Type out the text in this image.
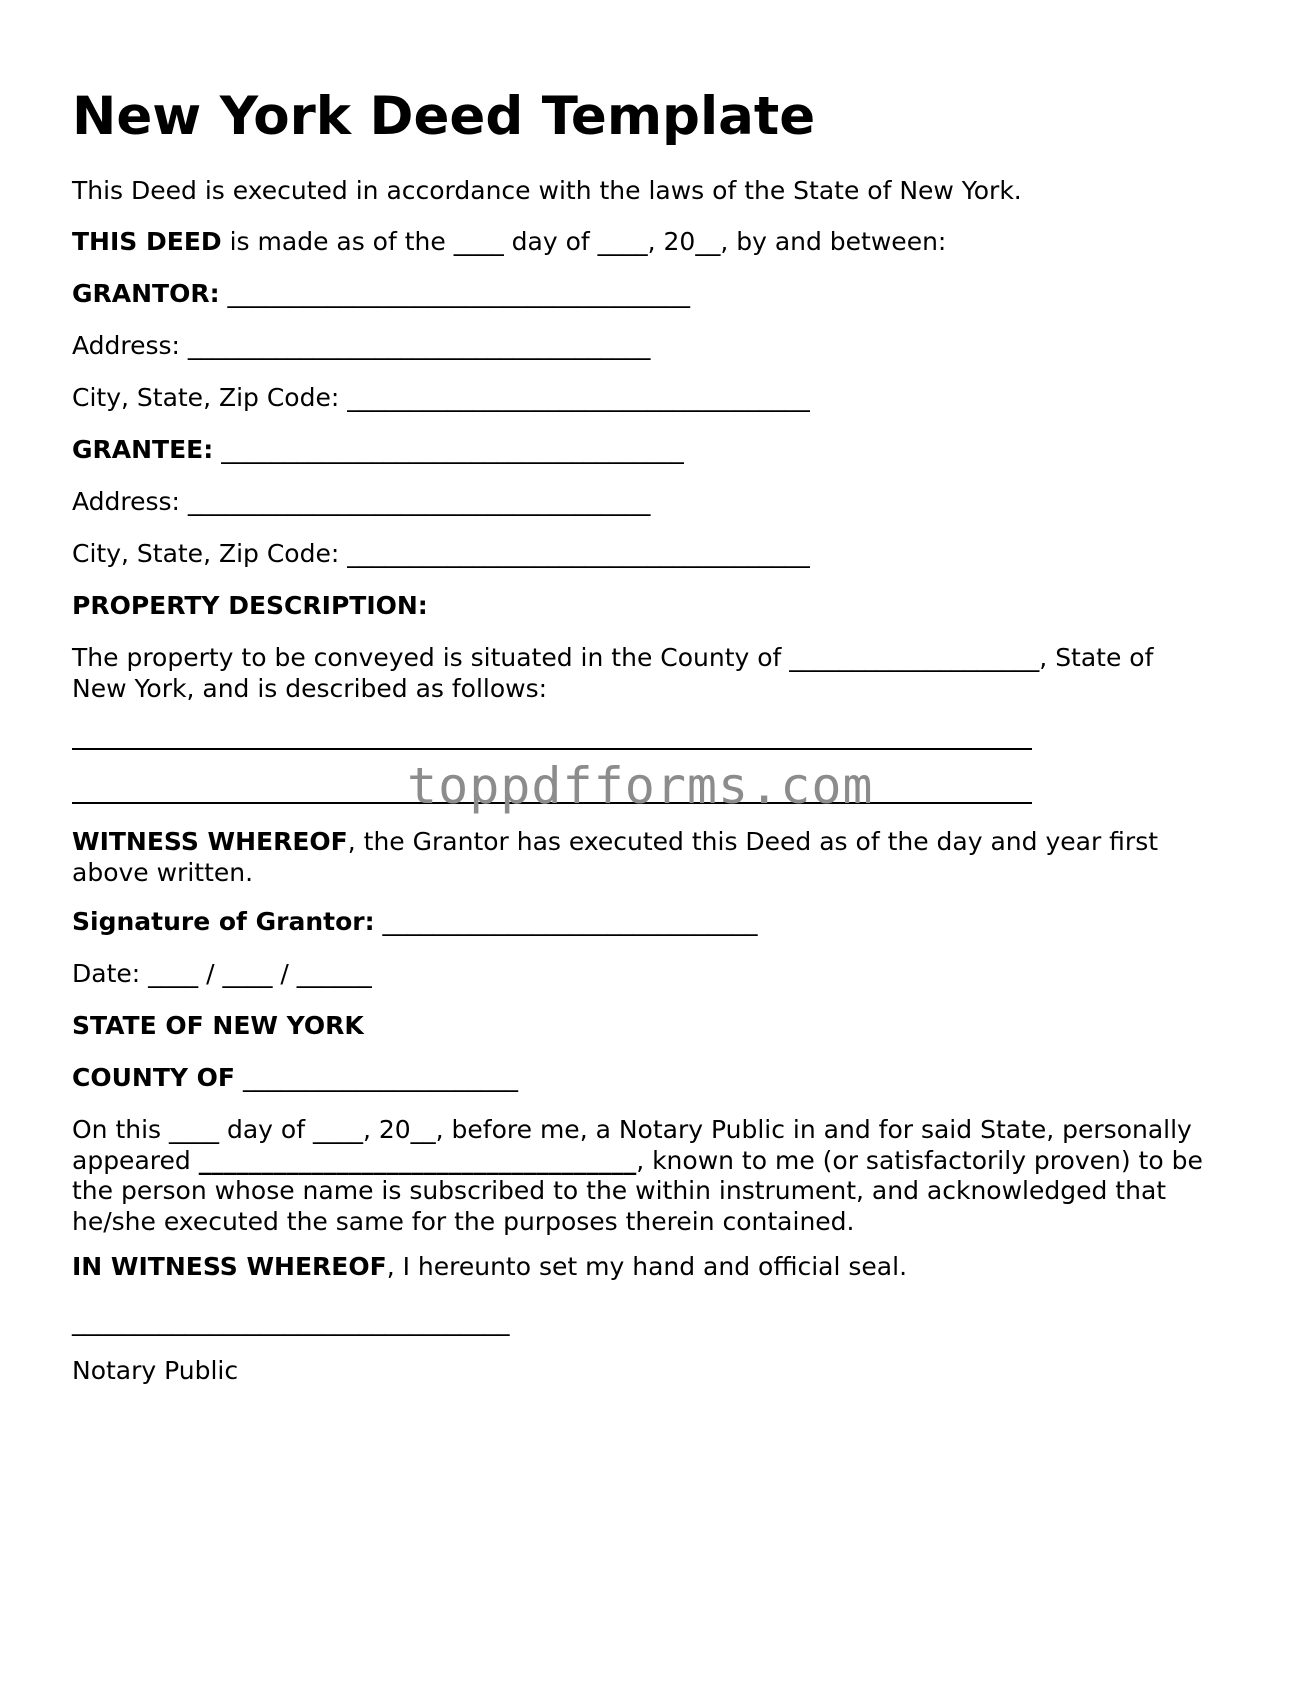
New York Deed Template
This Deed is executed in accordance with the laws of the State of New York.
THIS DEED is made as of the ____ day of ____, 20__, by and between:
GRANTOR: _____________________________________
Address: _____________________________________
City, State, Zip Code: _____________________________________
GRANTEE: _____________________________________
Address: _____________________________________
City, State, Zip Code: _____________________________________
PROPERTY DESCRIPTION:
The property to be conveyed is situated in the County of ____________________, State of New York, and is described as follows:
toppdfforms.com
WITNESS WHEREOF, the Grantor has executed this Deed as of the day and year first above written.
Signature of Grantor: ______________________________
Date: ____ / ____ / ______
STATE OF NEW YORK
COUNTY OF ______________________
On this ____ day of ____, 20__, before me, a Notary Public in and for said State, personally appeared ___________________________________, known to me (or satisfactorily proven) to be the person whose name is subscribed to the within instrument, and acknowledged that he/she executed the same for the purposes therein contained.
IN WITNESS WHEREOF, I hereunto set my hand and official seal.
___________________________________
Notary Public
